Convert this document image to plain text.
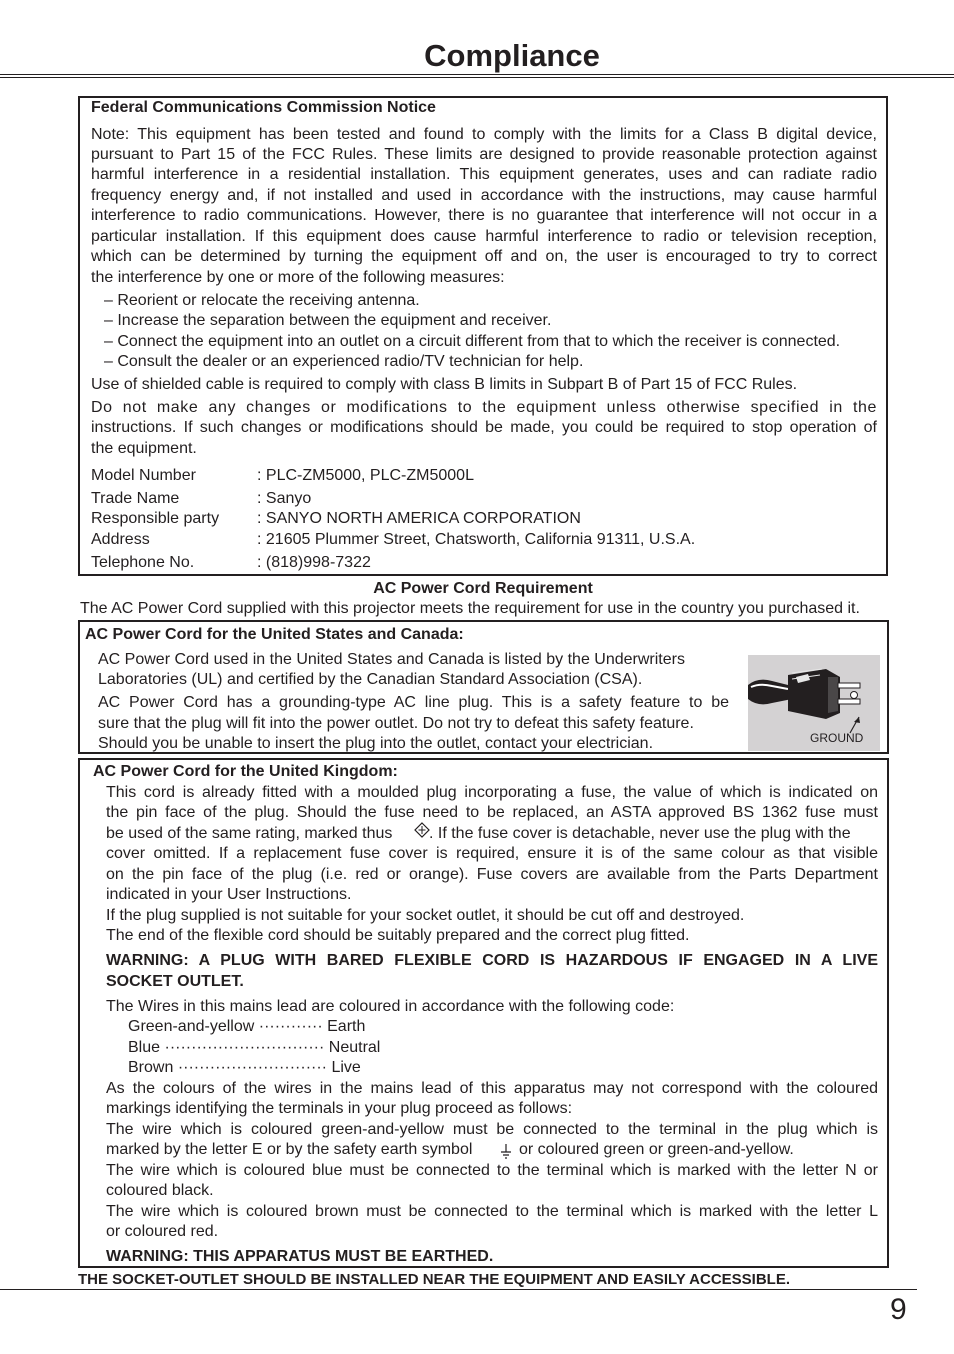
Compliance
Federal Communications Commission Notice
Note: This equipment has been tested and found to comply with the limits for a Class B digital device,
pursuant to Part 15 of the FCC Rules. These limits are designed to provide reasonable protection against
harmful interference in a residential installation. This equipment generates, uses and can radiate radio
frequency energy and, if not installed and used in accordance with the instructions, may cause harmful
interference to radio communications. However, there is no guarantee that interference will not occur in a
particular installation. If this equipment does cause harmful interference to radio or television reception,
which can be determined by turning the equipment off and on, the user is encouraged to try to correct
the interference by one or more of the following measures:
– Reorient or relocate the receiving antenna.
– Increase the separation between the equipment and receiver.
– Connect the equipment into an outlet on a circuit different from that to which the receiver is connected.
– Consult the dealer or an experienced radio/TV technician for help.
Use of shielded cable is required to comply with class B limits in Subpart B of Part 15 of FCC Rules.
Do not make any changes or modifications to the equipment unless otherwise specified in the
instructions. If such changes or modifications should be made, you could be required to stop operation of
the equipment.
Model Number	: PLC-ZM5000, PLC-ZM5000L
Trade Name	: Sanyo
Responsible party : SANYO NORTH AMERICA CORPORATION
Address	: 21605 Plummer Street, Chatsworth, California 91311, U.S.A.
Telephone No.	: (818)998-7322
AC Power Cord Requirement
The AC Power Cord supplied with this projector meets the requirement for use in the country you purchased it.
AC Power Cord for the United States and Canada:
AC Power Cord used in the United States and Canada is listed by the Underwriters
Laboratories (UL) and certified by the Canadian Standard Association (CSA).
AC Power Cord has a grounding-type AC line plug. This is a safety feature to be
sure that the plug will fit into the power outlet. Do not try to defeat this safety feature.
Should you be unable to insert the plug into the outlet, contact your electrician.	GROUND
AC Power Cord for the United Kingdom:
This cord is already fitted with a moulded plug incorporating a fuse, the value of which is indicated on
the pin face of the plug. Should the fuse need to be replaced, an ASTA approved BS 1362 fuse must
be used of the same rating, marked thus . If the fuse cover is detachable, never use the plug with the
cover omitted. If a replacement fuse cover is required, ensure it is of the same colour as that visible
on the pin face of the plug (i.e. red or orange). Fuse covers are available from the Parts Department
indicated in your User Instructions.
If the plug supplied is not suitable for your socket outlet, it should be cut off and destroyed.
The end of the flexible cord should be suitably prepared and the correct plug fitted.
WARNING: A PLUG WITH BARED FLEXIBLE CORD IS HAZARDOUS IF ENGAGED IN A LIVE
SOCKET OUTLET.
The Wires in this mains lead are coloured in accordance with the following code:
Green-and-yellow ············ Earth
Blue ······························ Neutral
Brown ···························· Live
As the colours of the wires in the mains lead of this apparatus may not correspond with the coloured
markings identifying the terminals in your plug proceed as follows:
The wire which is coloured green-and-yellow must be connected to the terminal in the plug which is
marked by the letter E or by the safety earth symbol	or coloured green or green-and-yellow.
The wire which is coloured blue must be connected to the terminal which is marked with the letter N or
coloured black.
The wire which is coloured brown must be connected to the terminal which is marked with the letter L
or coloured red.
WARNING: THIS APPARATUS MUST BE EARTHED.
THE SOCKET-OUTLET SHOULD BE INSTALLED NEAR THE EQUIPMENT AND EASILY ACCESSIBLE.
9
